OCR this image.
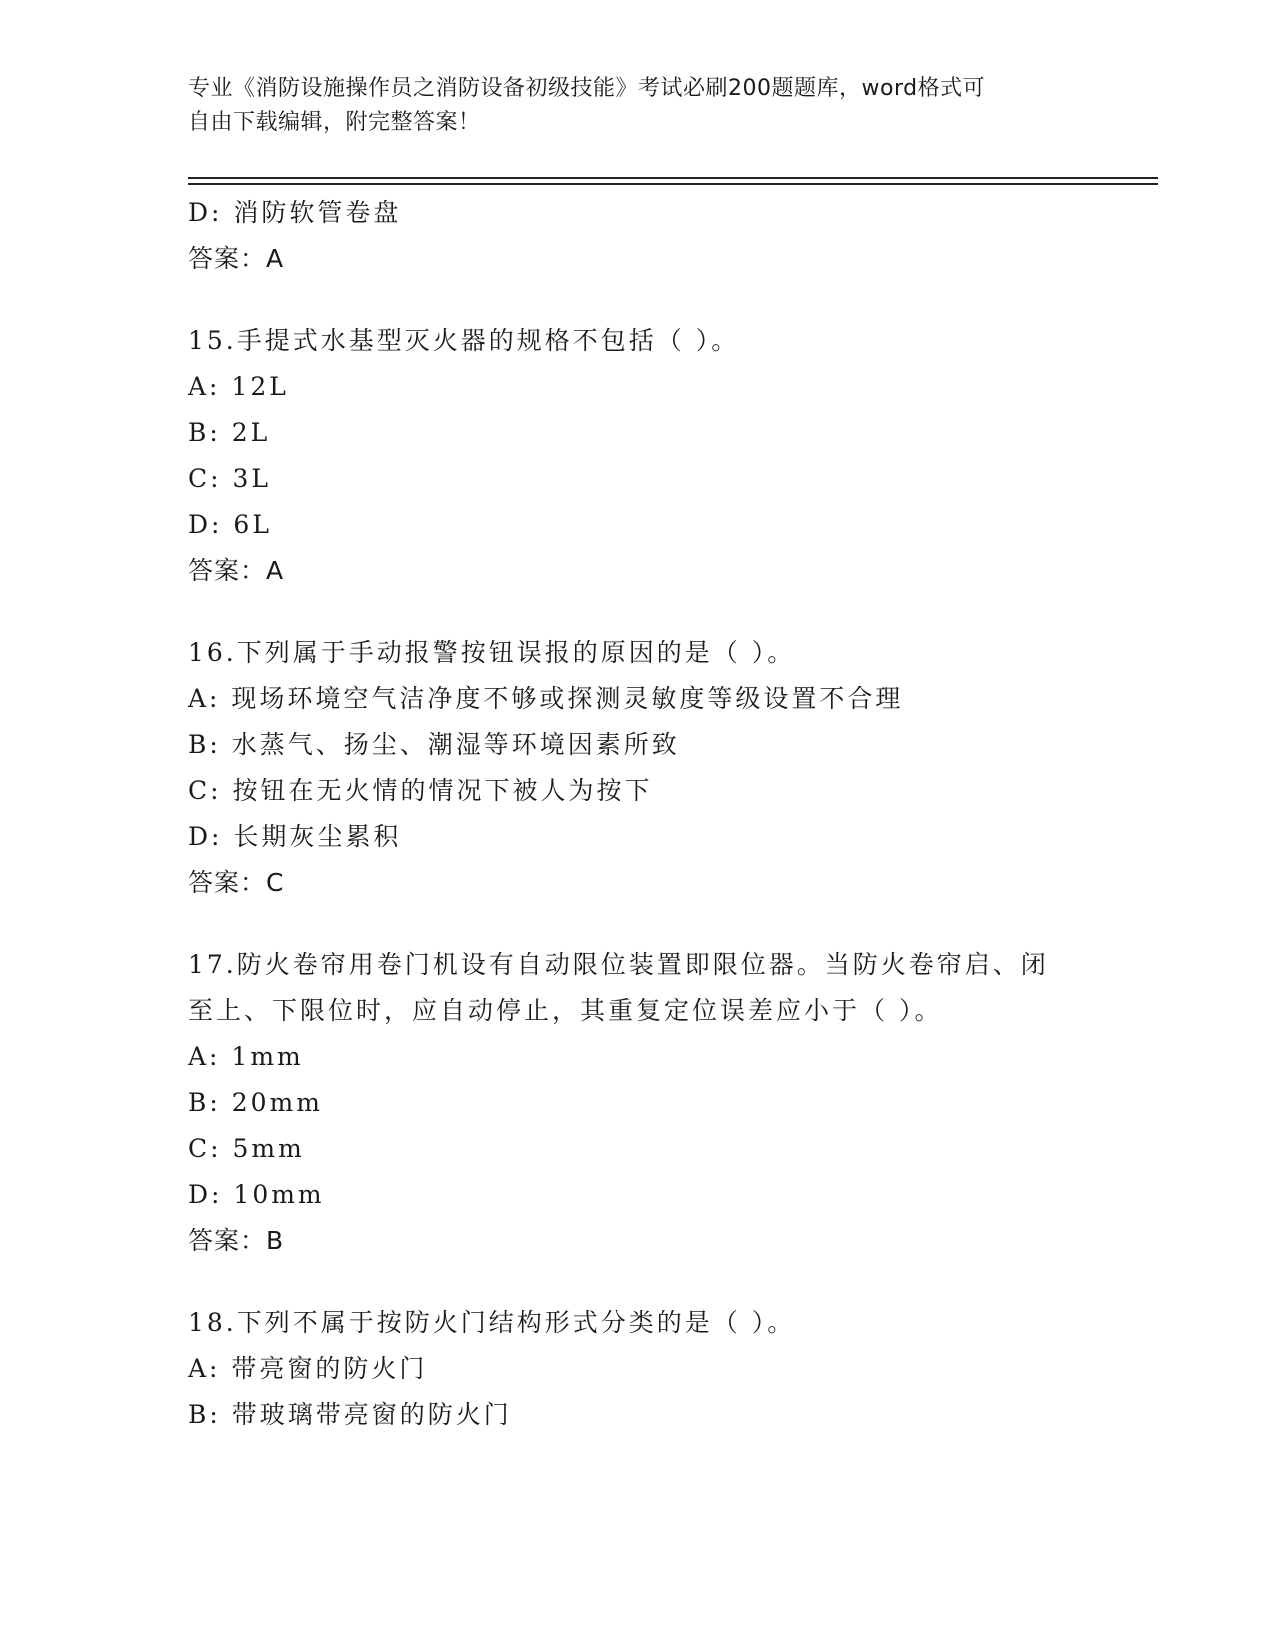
专业《消防设施操作员之消防设备初级技能》考试必刷200题题库，word格式可
自由下载编辑，附完整答案！
D: 消防软管卷盘
答案：A
15.手提式水基型灭火器的规格不包括（ ）。
A: 12L
B: 2L
C: 3L
D: 6L
答案：A
16.下列属于手动报警按钮误报的原因的是（ ）。
A: 现场环境空气洁净度不够或探测灵敏度等级设置不合理
B: 水蒸气、扬尘、潮湿等环境因素所致
C: 按钮在无火情的情况下被人为按下
D: 长期灰尘累积
答案：C
17.防火卷帘用卷门机设有自动限位装置即限位器。当防火卷帘启、闭
至上、下限位时，应自动停止，其重复定位误差应小于（ ）。
A: 1mm
B: 20mm
C: 5mm
D: 10mm
答案：B
18.下列不属于按防火门结构形式分类的是（ ）。
A: 带亮窗的防火门
B: 带玻璃带亮窗的防火门
